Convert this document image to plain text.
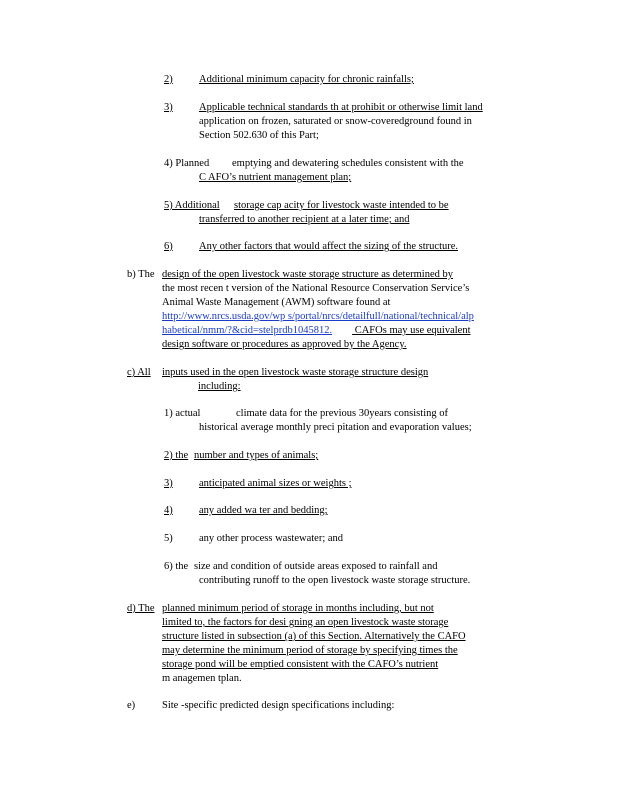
2)	Additional minimum capacity for chronic rainfalls;
3)	Applicable technical standards th at prohibit or otherwise limit land
application on frozen, saturated or snow-coveredground found in
Section 502.630 of this Part;
4) Planned emptying and dewatering schedules consistent with the
C AFO’s nutrient management plan;
5) Additional storage cap acity for livestock waste intended to be
transferred to another recipient at a later time; and
6)	Any other factors that would affect the sizing of the structure.
b) The design of the open livestock waste storage structure as determined by
the most recen t version of the National Resource Conservation Service’s
Animal Waste Management (AWM) software found at
http://www.nrcs.usda.gov/wp s/portal/nrcs/detailfull/national/technical/alp
habetical/nmm/?&cid=stelprdb1045812. CAFOs may use equivalent
design software or procedures as approved by the Agency.
c) All inputs used in the open livestock waste storage structure design
including:
1) actual	climate data for the previous 30years consisting of
historical average monthly preci pitation and evaporation values;
2) the number and types of animals;
3)	anticipated animal sizes or weights ;
4)	any added wa ter and bedding;
5)	any other process wastewater; and
6) the size and condition of outside areas exposed to rainfall and
contributing runoff to the open livestock waste storage structure.
d) The planned minimum period of storage in months including, but not
limited to, the factors for desi gning an open livestock waste storage
structure listed in subsection (a) of this Section. Alternatively the CAFO
may determine the minimum period of storage by specifying times the
storage pond will be emptied consistent with the CAFO’s nutrient
m anagemen tplan.
e)	Site -specific predicted design specifications including:
